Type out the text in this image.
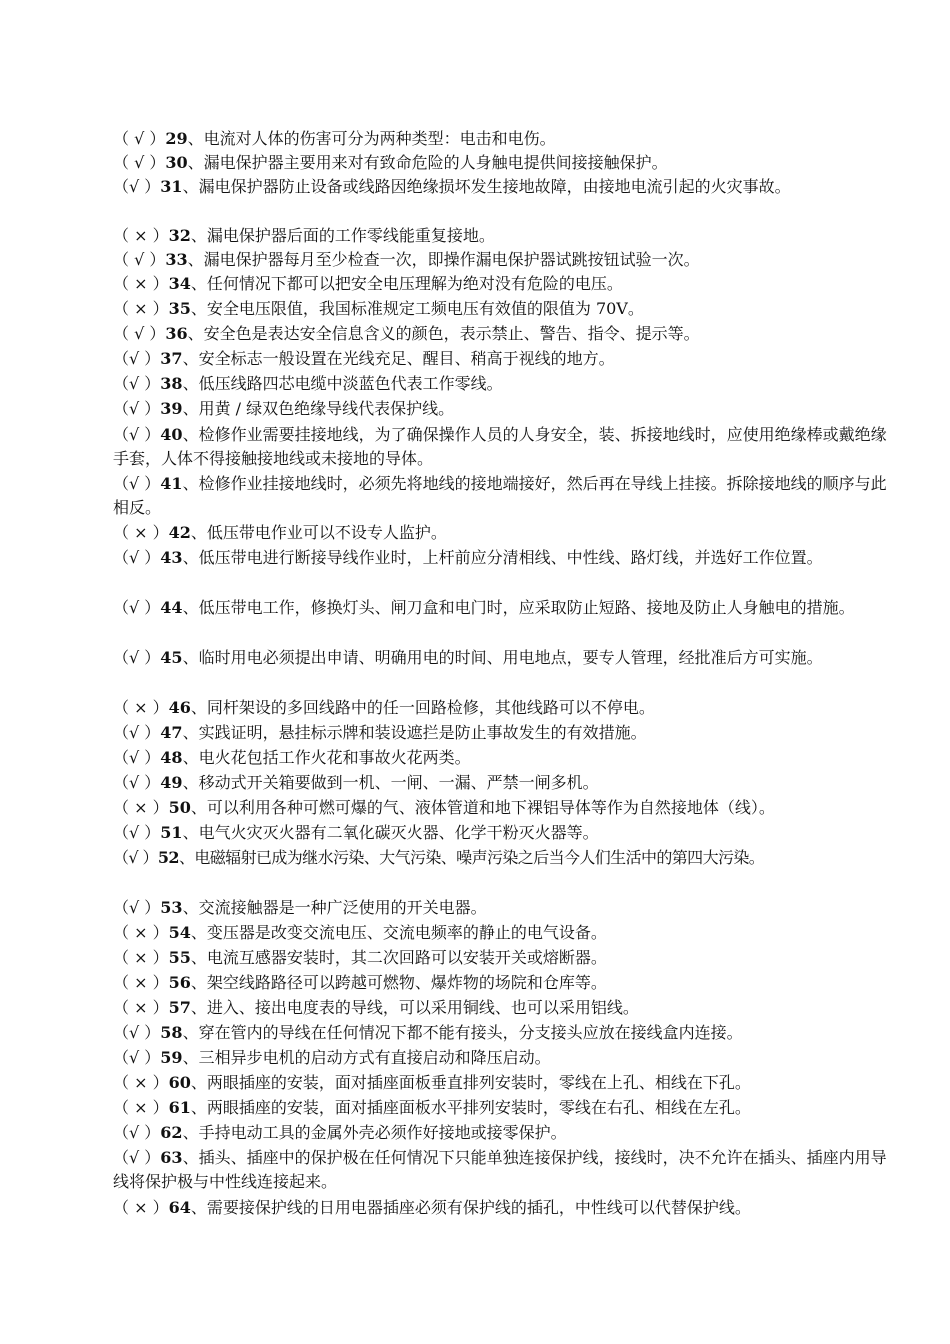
（ √ ）29、电流对人体的伤害可分为两种类型：电击和电伤。
（ √ ）30、漏电保护器主要用来对有致命危险的人身触电提供间接接触保护。
（√ ）31、漏电保护器防止设备或线路因绝缘损坏发生接地故障，由接地电流引起的火灾事故。
（ × ）32、漏电保护器后面的工作零线能重复接地。
（ √ ）33、漏电保护器每月至少检查一次，即操作漏电保护器试跳按钮试验一次。
（ × ）34、任何情况下都可以把安全电压理解为绝对没有危险的电压。
（ × ）35、安全电压限值，我国标准规定工频电压有效值的限值为 70V。
（ √ ）36、安全色是表达安全信息含义的颜色，表示禁止、警告、指令、提示等。
（√ ）37、安全标志一般设置在光线充足、醒目、稍高于视线的地方。
（√ ）38、低压线路四芯电缆中淡蓝色代表工作零线。
（√ ）39、用黄 / 绿双色绝缘导线代表保护线。
（√ ）40、检修作业需要挂接地线，为了确保操作人员的人身安全，装、拆接地线时，应使用绝缘棒或戴绝缘手套，人体不得接触接地线或未接地的导体。
（√ ）41、检修作业挂接地线时，必须先将地线的接地端接好，然后再在导线上挂接。拆除接地线的顺序与此相反。
（ × ）42、低压带电作业可以不设专人监护。
（√ ）43、低压带电进行断接导线作业时，上杆前应分清相线、中性线、路灯线，并选好工作位置。
（√ ）44、低压带电工作，修换灯头、闸刀盒和电门时，应采取防止短路、接地及防止人身触电的措施。
（√ ）45、临时用电必须提出申请、明确用电的时间、用电地点，要专人管理，经批准后方可实施。
（ × ）46、同杆架设的多回线路中的任一回路检修，其他线路可以不停电。
（√ ）47、实践证明，悬挂标示牌和装设遮拦是防止事故发生的有效措施。
（√ ）48、电火花包括工作火花和事故火花两类。
（√ ）49、移动式开关箱要做到一机、一闸、一漏、严禁一闸多机。
（ × ）50、可以利用各种可燃可爆的气、液体管道和地下裸铝导体等作为自然接地体（线）。
（√ ）51、电气火灾灭火器有二氧化碳灭火器、化学干粉灭火器等。
（√ ）52、电磁辐射已成为继水污染、大气污染、噪声污染之后当今人们生活中的第四大污染。
（√ ）53、交流接触器是一种广泛使用的开关电器。
（ × ）54、变压器是改变交流电压、交流电频率的静止的电气设备。
（ × ）55、电流互感器安装时，其二次回路可以安装开关或熔断器。
（ × ）56、架空线路路径可以跨越可燃物、爆炸物的场院和仓库等。
（ × ）57、进入、接出电度表的导线，可以采用铜线、也可以采用铝线。
（√ ）58、穿在管内的导线在任何情况下都不能有接头，分支接头应放在接线盒内连接。
（√ ）59、三相异步电机的启动方式有直接启动和降压启动。
（ × ）60、两眼插座的安装，面对插座面板垂直排列安装时，零线在上孔、相线在下孔。
（ × ）61、两眼插座的安装，面对插座面板水平排列安装时，零线在右孔、相线在左孔。
（√ ）62、手持电动工具的金属外壳必须作好接地或接零保护。
（√ ）63、插头、插座中的保护极在任何情况下只能单独连接保护线，接线时，决不允许在插头、插座内用导线将保护极与中性线连接起来。
（ × ）64、需要接保护线的日用电器插座必须有保护线的插孔，中性线可以代替保护线。
